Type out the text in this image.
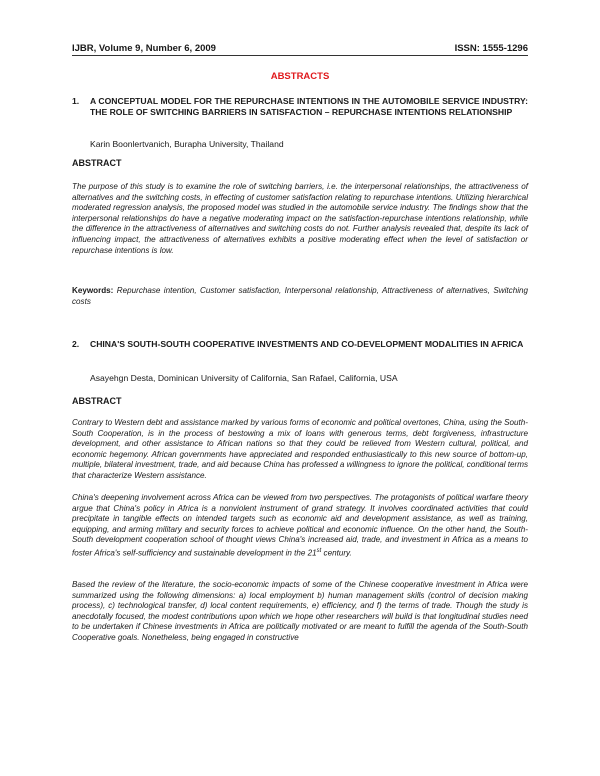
IJBR, Volume 9, Number 6, 2009	ISSN: 1555-1296
ABSTRACTS
1.	A CONCEPTUAL MODEL FOR THE REPURCHASE INTENTIONS IN THE AUTOMOBILE SERVICE INDUSTRY: THE ROLE OF SWITCHING BARRIERS IN SATISFACTION – REPURCHASE INTENTIONS RELATIONSHIP
Karin Boonlertvanich, Burapha University, Thailand
ABSTRACT

The purpose of this study is to examine the role of switching barriers, i.e. the interpersonal relationships, the attractiveness of alternatives and the switching costs, in effecting of customer satisfaction relating to repurchase intentions. Utilizing hierarchical moderated regression analysis, the proposed model was studied in the automobile service industry. The findings show that the interpersonal relationships do have a negative moderating impact on the satisfaction-repurchase intentions relationship, while the difference in the attractiveness of alternatives and switching costs do not. Further analysis revealed that, despite its lack of influencing impact, the attractiveness of alternatives exhibits a positive moderating effect when the level of satisfaction or repurchase intentions is low.

Keywords: Repurchase intention, Customer satisfaction, Interpersonal relationship, Attractiveness of alternatives, Switching costs
2.	CHINA'S SOUTH-SOUTH COOPERATIVE INVESTMENTS AND CO-DEVELOPMENT MODALITIES IN AFRICA
Asayehgn Desta, Dominican University of California, San Rafael, California, USA
ABSTRACT

Contrary to Western debt and assistance marked by various forms of economic and political overtones, China, using the South-South Cooperation, is in the process of bestowing a mix of loans with generous terms, debt forgiveness, infrastructure development, and other assistance to African nations so that they could be relieved from Western cultural, political, and economic hegemony. African governments have appreciated and responded enthusiastically to this new source of bottom-up, multiple, bilateral investment, trade, and aid because China has professed a willingness to ignore the political, conditional terms that characterize Western assistance.

China's deepening involvement across Africa can be viewed from two perspectives. The protagonists of political warfare theory argue that China's policy in Africa is a nonviolent instrument of grand strategy. It involves coordinated activities that could precipitate in tangible effects on intended targets such as economic aid and development assistance, as well as training, equipping, and arming military and security forces to achieve political and economic influence. On the other hand, the South-South development cooperation school of thought views China's increased aid, trade, and investment in Africa as a means to foster Africa's self-sufficiency and sustainable development in the 21st century.

Based the review of the literature, the socio-economic impacts of some of the Chinese cooperative investment in Africa were summarized using the following dimensions: a) local employment b) human management skills (control of decision making process), c) technological transfer, d) local content requirements, e) efficiency, and f) the terms of trade. Though the study is anecdotally focused, the modest contributions upon which we hope other researchers will build is that longitudinal studies need to be undertaken if Chinese investments in Africa are politically motivated or are meant to fulfill the agenda of the South-South Cooperative goals. Nonetheless, being engaged in constructive
